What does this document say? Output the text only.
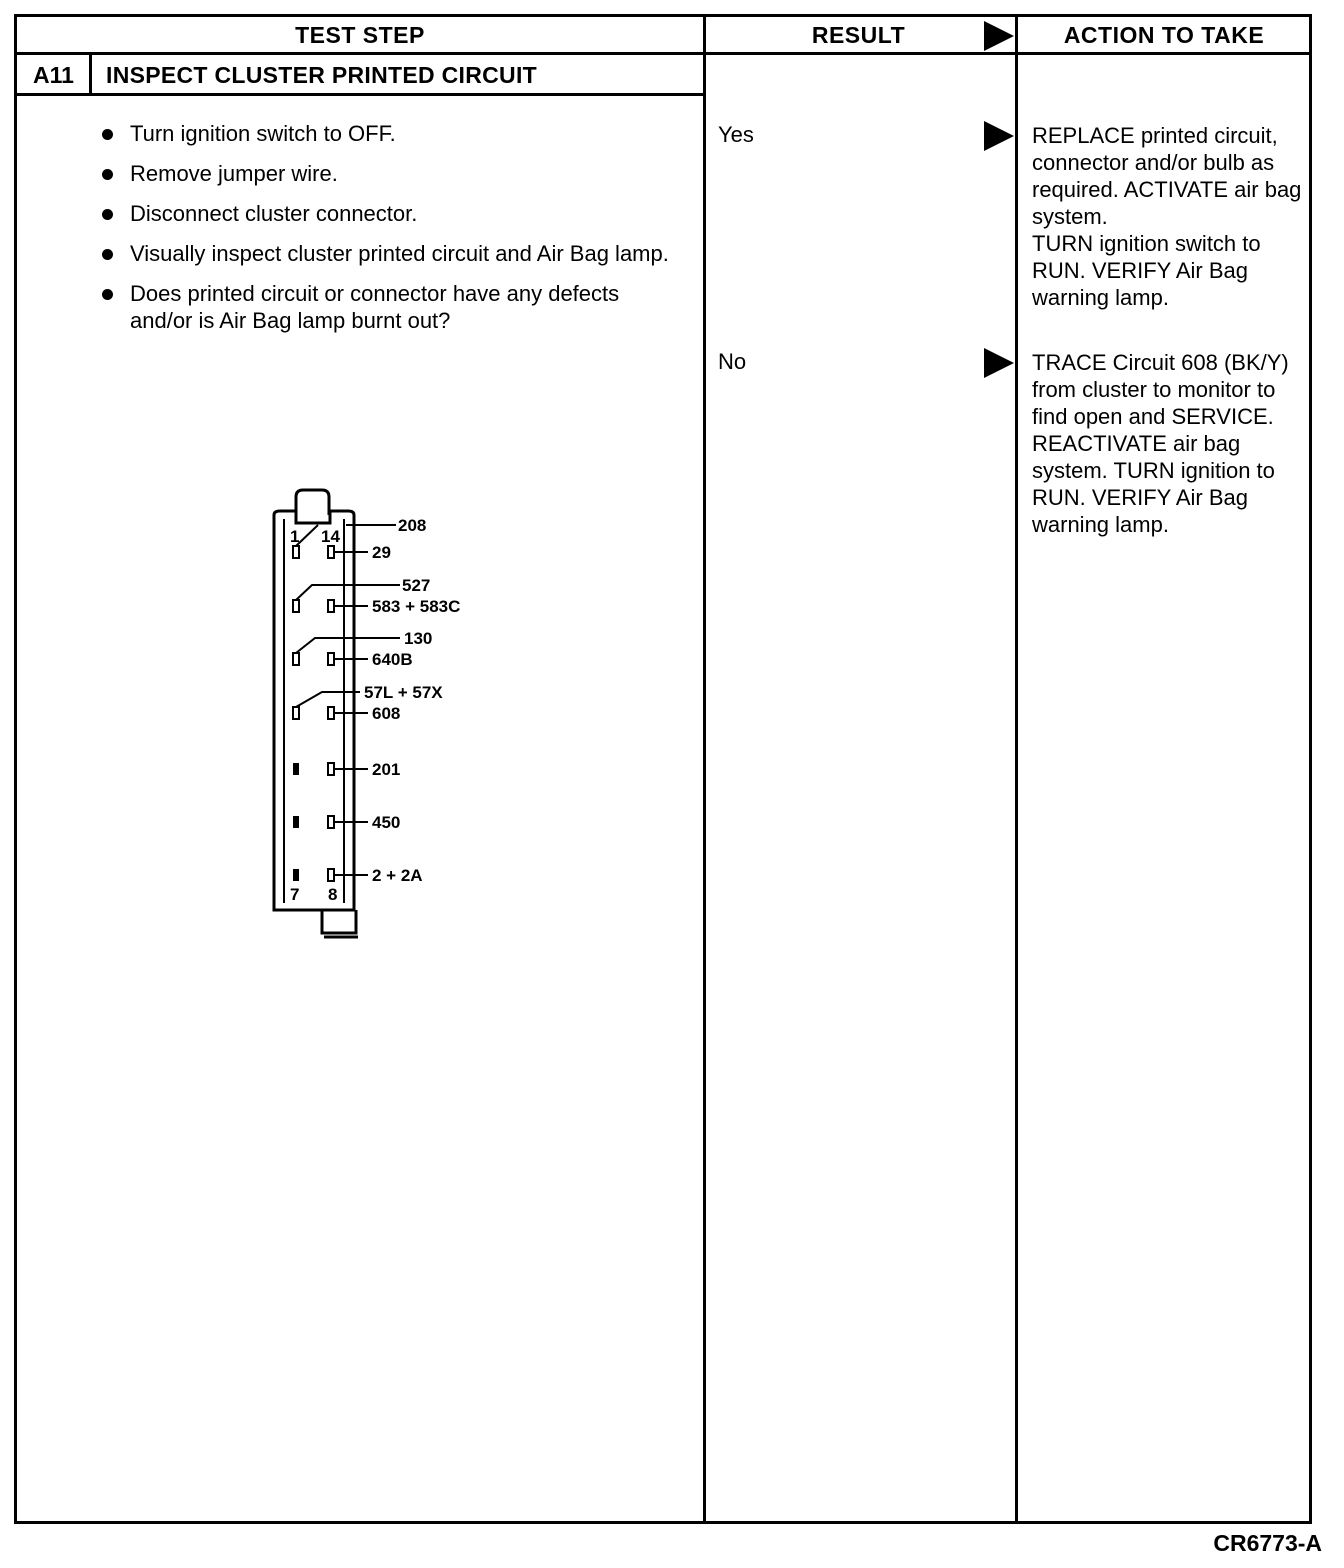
TEST STEP	RESULT	ACTION TO TAKE
A11	INSPECT CLUSTER PRINTED CIRCUIT
Turn ignition switch to OFF.
Remove jumper wire.
Disconnect cluster connector.
Visually inspect cluster printed circuit and Air Bag lamp.
Does printed circuit or connector have any defects and/or is Air Bag lamp burnt out?
Yes	REPLACE printed circuit, connector and/or bulb as required. ACTIVATE air bag system.
TURN ignition switch to RUN. VERIFY Air Bag warning lamp.
No	TRACE Circuit 608 (BK/Y) from cluster to monitor to find open and SERVICE.
REACTIVATE air bag system. TURN ignition to RUN. VERIFY Air Bag warning lamp.
1 14
7 8
208
29
527
583 + 583C
130
640B
57L + 57X
608
201
450
2 + 2A
CR6773-A
